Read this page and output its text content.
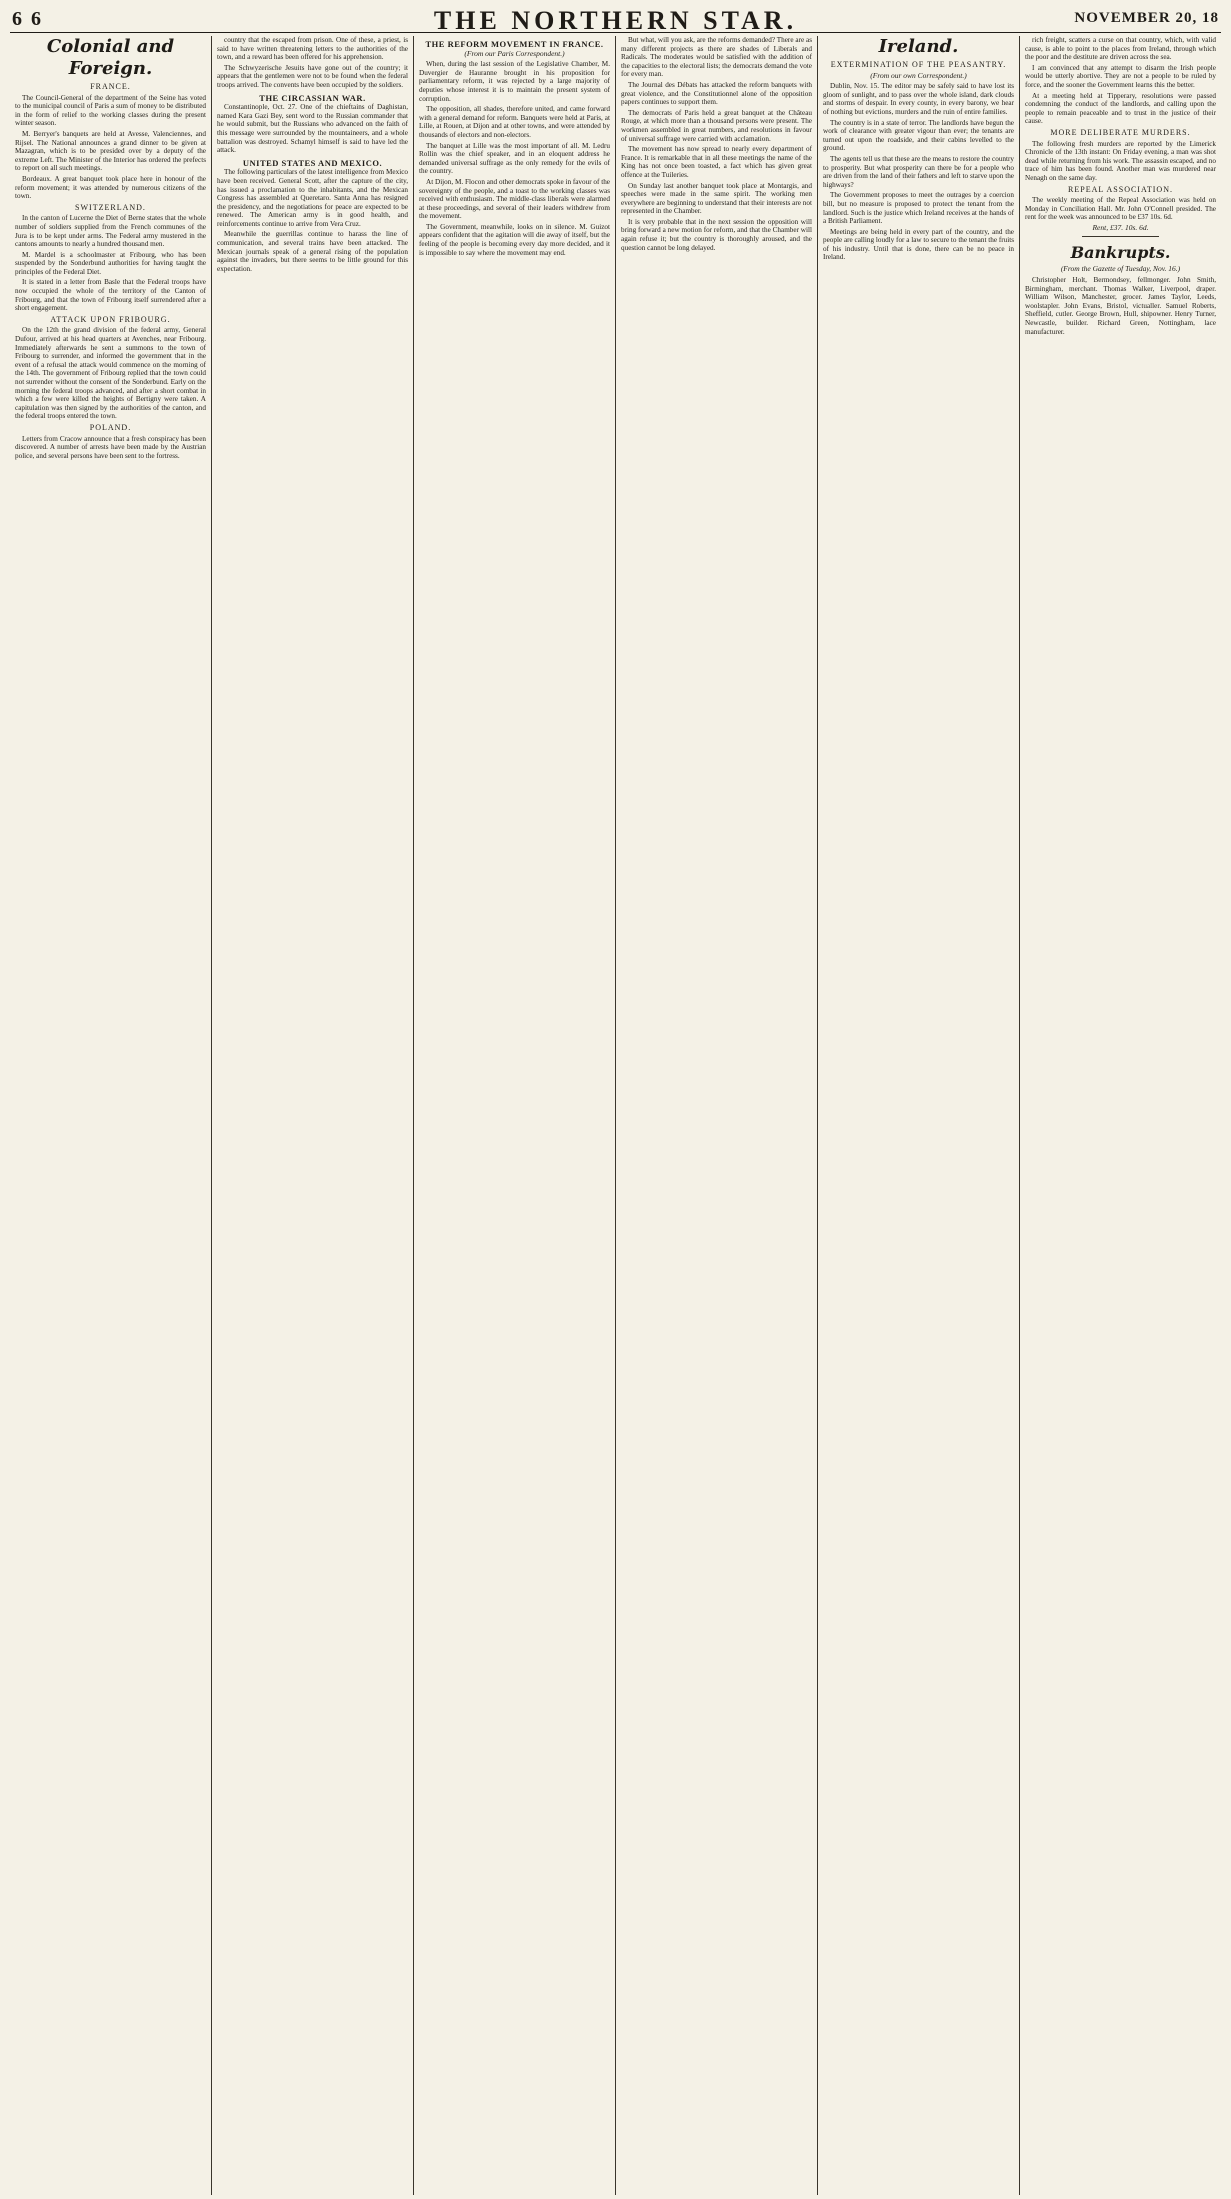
6 6	THE NORTHERN STAR.	NOVEMBER 20, 18
Colonial and Foreign.
FRANCE.

The Council-General of the department of the Seine has voted to the municipal council of Paris a sum of money to be distributed in the form of relief to the working classes during the present winter season.

M. Berryer's banquets are held at Avesse, Valenciennes, and Rijsel. The National announces a grand dinner to be given at Mazagran, which is to be presided over by a deputy of the extreme Left. The Minister of the Interior has ordered the prefects to report on all such meetings.

Bordeaux. A great banquet took place here in honour of the reform movement; it was attended by numerous citizens of the town.

SWITZERLAND.

In the canton of Lucerne the Diet of Berne states that the whole number of soldiers supplied from the French communes of the Jura is to be kept under arms. The Federal army mustered in the cantons amounts to nearly a hundred thousand men.

M. Mardel is a schoolmaster at Fribourg, who has been suspended by the Sonderbund authorities for having taught the principles of the Federal Diet.

It is stated in a letter from Basle that the Federal troops have now occupied the whole of the territory of the Canton of Fribourg, and that the town of Fribourg itself surrendered after a short engagement.

ATTACK UPON FRIBOURG.

On the 12th the grand division of the federal army, General Dufour, arrived at his head quarters at Avenches, near Fribourg. Immediately afterwards he sent a summons to the town of Fribourg to surrender, and informed the government that in the event of a refusal the attack would commence on the morning of the 14th. The government of Fribourg replied that the town could not surrender without the consent of the Sonderbund. Early on the morning the federal troops advanced, and after a short combat in which a few were killed the heights of Bertigny were taken. A capitulation was then signed by the authorities of the canton, and the federal troops entered the town.

POLAND.

Letters from Cracow announce that a fresh conspiracy has been discovered. A number of arrests have been made by the Austrian police, and several persons have been sent to the fortress.

country that the escaped from prison. One of these, a priest, is said to have written threatening letters to the authorities of the town, and a reward has been offered for his apprehension.

The Schwyzerische Jesuits have gone out of the country; it appears that the gentlemen were not to be found when the federal troops arrived. The convents have been occupied by the soldiers.

THE CIRCASSIAN WAR.

Constantinople, Oct. 27. One of the chieftains of Daghistan, named Kara Gazi Bey, sent word to the Russian commander that he would submit, but the Russians who advanced on the faith of this message were surrounded by the mountaineers, and a whole battalion was destroyed. Schamyl himself is said to have led the attack.

UNITED STATES AND MEXICO.

The following particulars of the latest intelligence from Mexico have been received. General Scott, after the capture of the city, has issued a proclamation to the inhabitants, and the Mexican Congress has assembled at Queretaro. Santa Anna has resigned the presidency, and the negotiations for peace are expected to be renewed. The American army is in good health, and reinforcements continue to arrive from Vera Cruz.

Meanwhile the guerrillas continue to harass the line of communication, and several trains have been attacked. The Mexican journals speak of a general rising of the population against the invaders, but there seems to be little ground for this expectation.

THE REFORM MOVEMENT IN FRANCE.
(From our Paris Correspondent.)

When, during the last session of the Legislative Chamber, M. Duvergier de Hauranne brought in his proposition for parliamentary reform, it was rejected by a large majority of deputies whose interest it is to maintain the present system of corruption.

The opposition, all shades, therefore united, and came forward with a general demand for reform. Banquets were held at Paris, at Lille, at Rouen, at Dijon and at other towns, and were attended by thousands of electors and non-electors.

The banquet at Lille was the most important of all. M. Ledru Rollin was the chief speaker, and in an eloquent address he demanded universal suffrage as the only remedy for the evils of the country.

At Dijon, M. Flocon and other democrats spoke in favour of the sovereignty of the people, and a toast to the working classes was received with enthusiasm. The middle-class liberals were alarmed at these proceedings, and several of their leaders withdrew from the movement.

The Government, meanwhile, looks on in silence. M. Guizot appears confident that the agitation will die away of itself, but the feeling of the people is becoming every day more decided, and it is impossible to say where the movement may end.

But what, will you ask, are the reforms demanded? There are as many different projects as there are shades of Liberals and Radicals. The moderates would be satisfied with the addition of the capacities to the electoral lists; the democrats demand the vote for every man.

The Journal des Débats has attacked the reform banquets with great violence, and the Constitutionnel alone of the opposition papers continues to support them.

The democrats of Paris held a great banquet at the Château Rouge, at which more than a thousand persons were present. The workmen assembled in great numbers, and resolutions in favour of universal suffrage were carried with acclamation.

The movement has now spread to nearly every department of France. It is remarkable that in all these meetings the name of the King has not once been toasted, a fact which has given great offence at the Tuileries.

On Sunday last another banquet took place at Montargis, and speeches were made in the same spirit. The working men everywhere are beginning to understand that their interests are not represented in the Chamber.

It is very probable that in the next session the opposition will bring forward a new motion for reform, and that the Chamber will again refuse it; but the country is thoroughly aroused, and the question cannot be long delayed.

Ireland.
EXTERMINATION OF THE PEASANTRY.
(From our own Correspondent.)

Dublin, Nov. 15. The editor may be safely said to have lost its gloom of sunlight, and to pass over the whole island, dark clouds and storms of despair. In every county, in every barony, we hear of nothing but evictions, murders and the ruin of entire families.

The country is in a state of terror. The landlords have begun the work of clearance with greater vigour than ever; the tenants are turned out upon the roadside, and their cabins levelled to the ground.

The agents tell us that these are the means to restore the country to prosperity. But what prosperity can there be for a people who are driven from the land of their fathers and left to starve upon the highways?

The Government proposes to meet the outrages by a coercion bill, but no measure is proposed to protect the tenant from the landlord. Such is the justice which Ireland receives at the hands of a British Parliament.

Meetings are being held in every part of the country, and the people are calling loudly for a law to secure to the tenant the fruits of his industry. Until that is done, there can be no peace in Ireland.

rich freight, scatters a curse on that country, which, with valid cause, is able to point to the places from Ireland, through which the poor and the destitute are driven across the sea.

I am convinced that any attempt to disarm the Irish people would be utterly abortive. They are not a people to be ruled by force, and the sooner the Government learns this the better.

At a meeting held at Tipperary, resolutions were passed condemning the conduct of the landlords, and calling upon the people to remain peaceable and to trust in the justice of their cause.

MORE DELIBERATE MURDERS.

The following fresh murders are reported by the Limerick Chronicle of the 13th instant: On Friday evening, a man was shot dead while returning from his work. The assassin escaped, and no trace of him has been found. Another man was murdered near Nenagh on the same day.

REPEAL ASSOCIATION.

The weekly meeting of the Repeal Association was held on Monday in Conciliation Hall. Mr. John O'Connell presided. The rent for the week was announced to be £37 10s. 6d.

Rent, £37. 10s. 6d.
Bankrupts.
(From the Gazette of Tuesday, Nov. 16.)

Christopher Holt, Bermondsey, fellmonger. John Smith, Birmingham, merchant. Thomas Walker, Liverpool, draper. William Wilson, Manchester, grocer. James Taylor, Leeds, woolstapler. John Evans, Bristol, victualler. Samuel Roberts, Sheffield, cutler. George Brown, Hull, shipowner. Henry Turner, Newcastle, builder. Richard Green, Nottingham, lace manufacturer.
